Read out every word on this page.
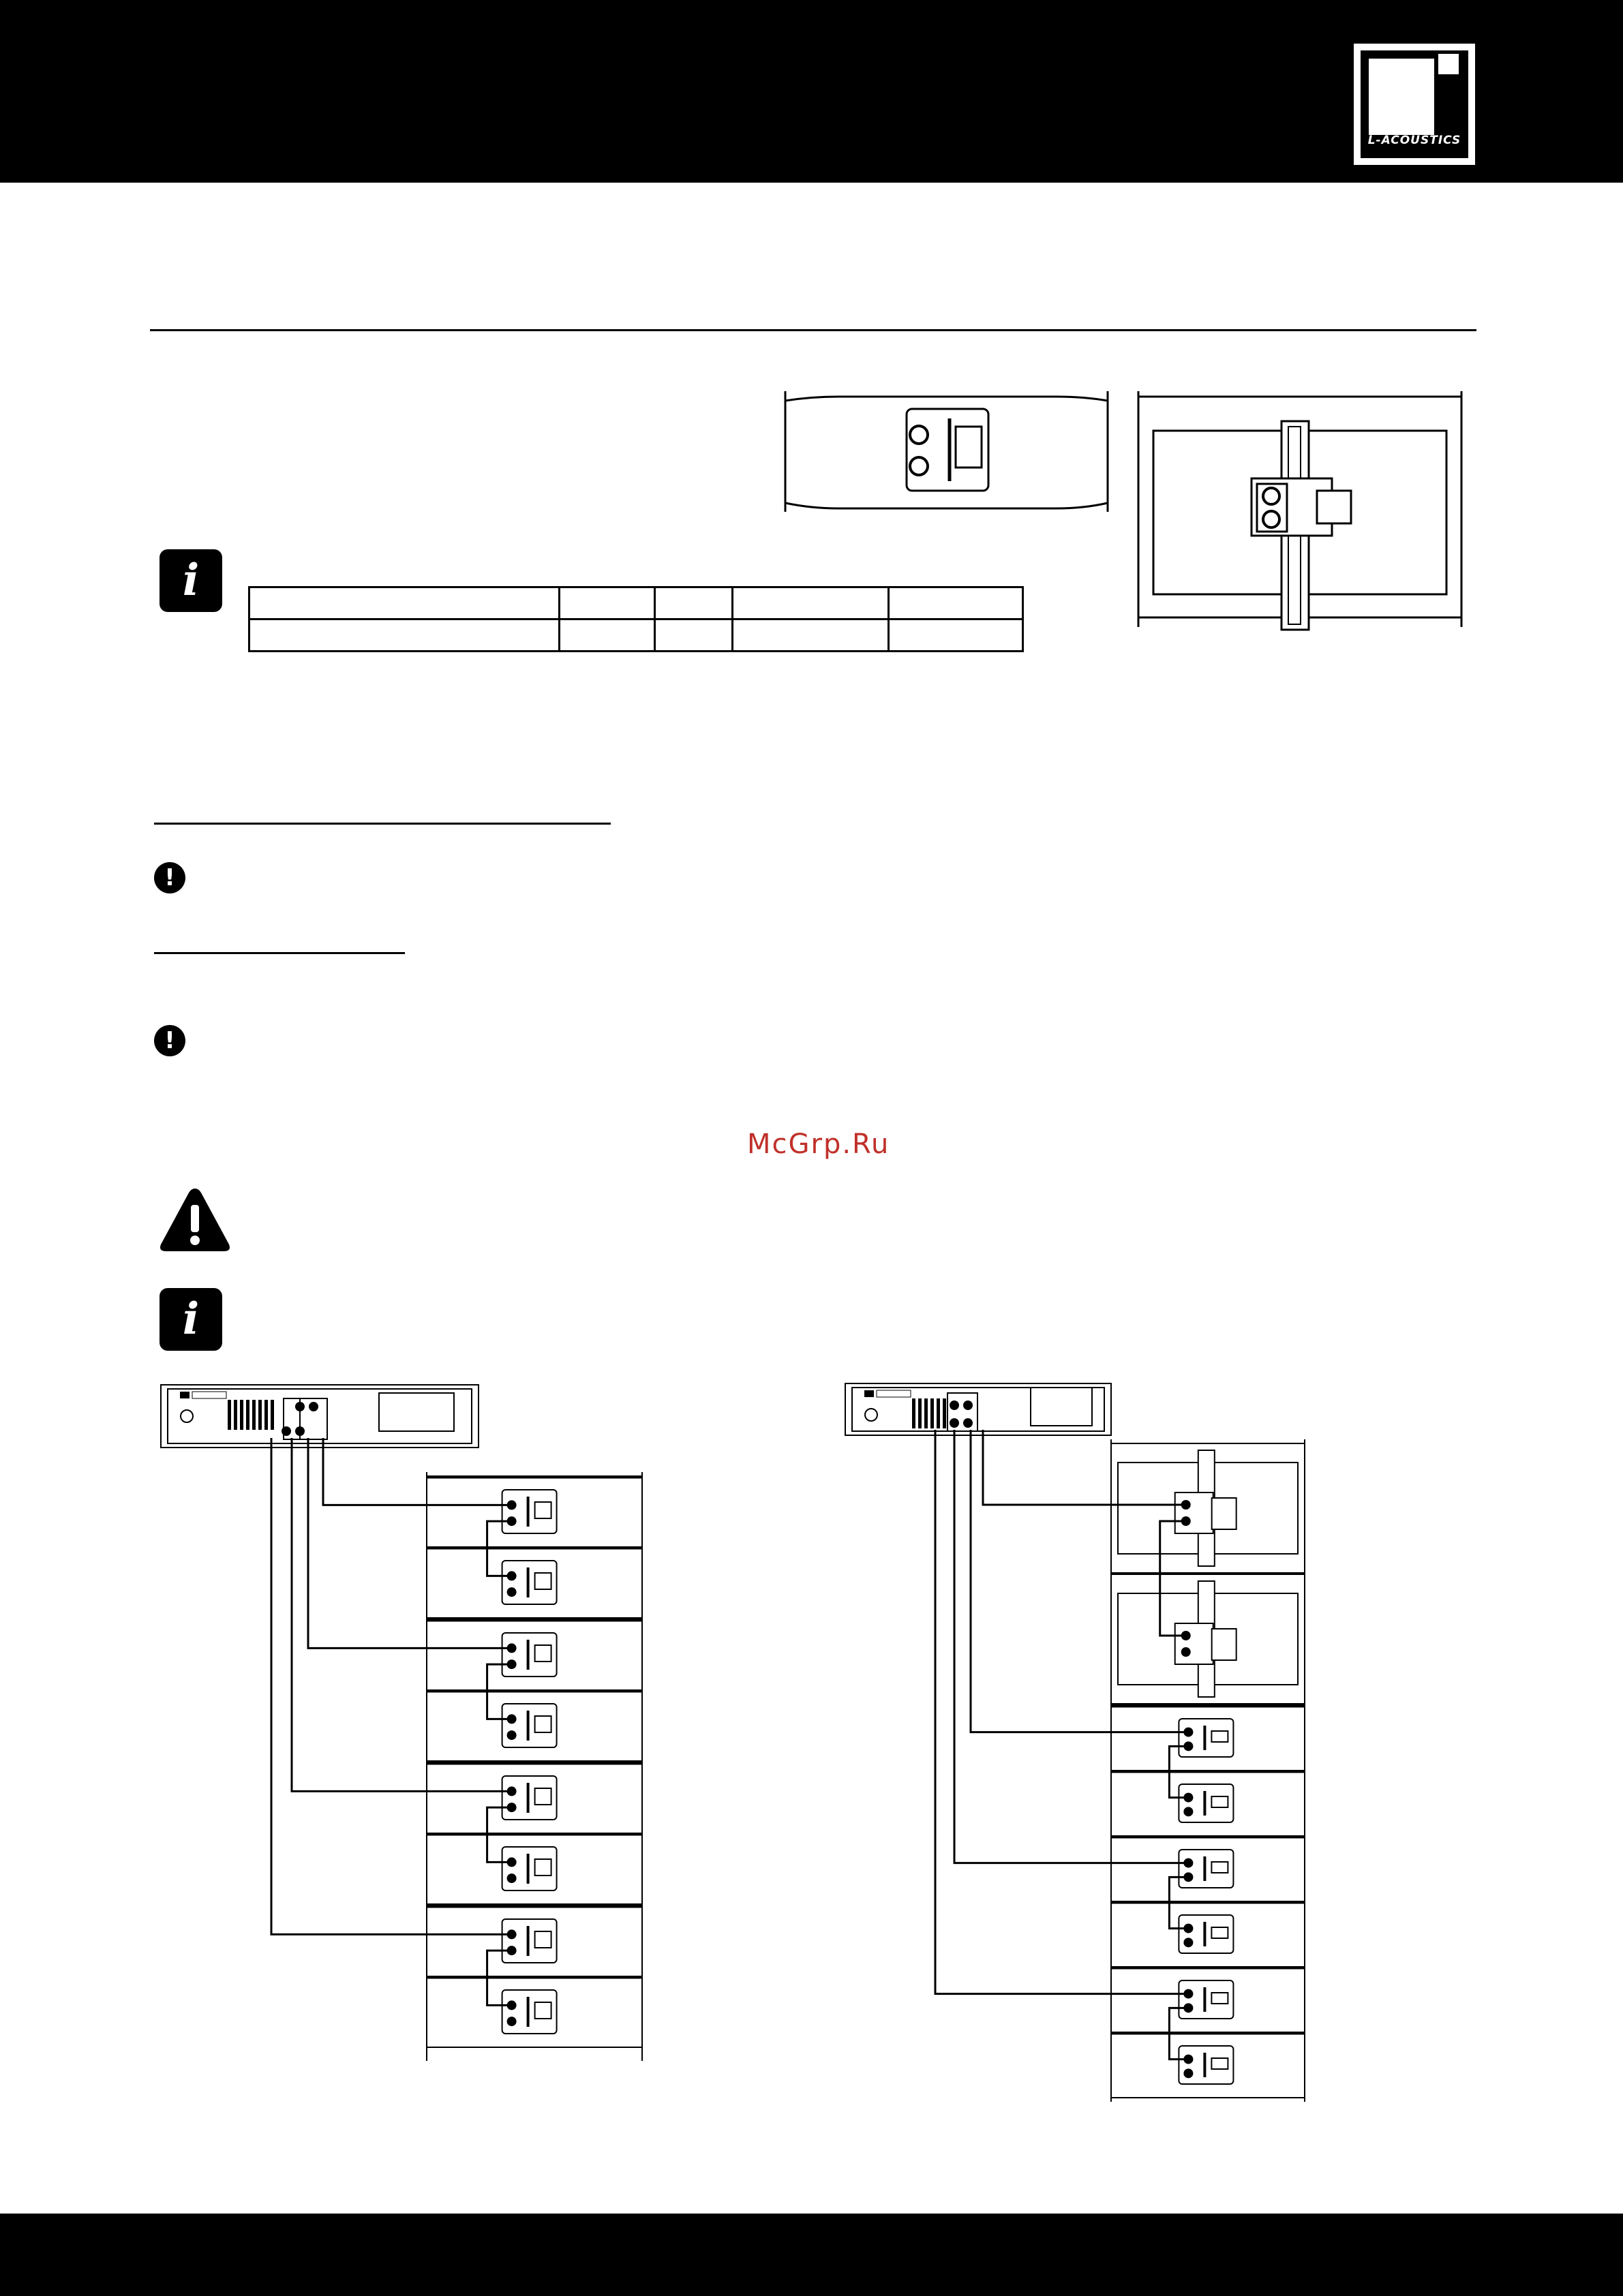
L-ACOUSTICS
i

!
!
McGrp.Ru
i
